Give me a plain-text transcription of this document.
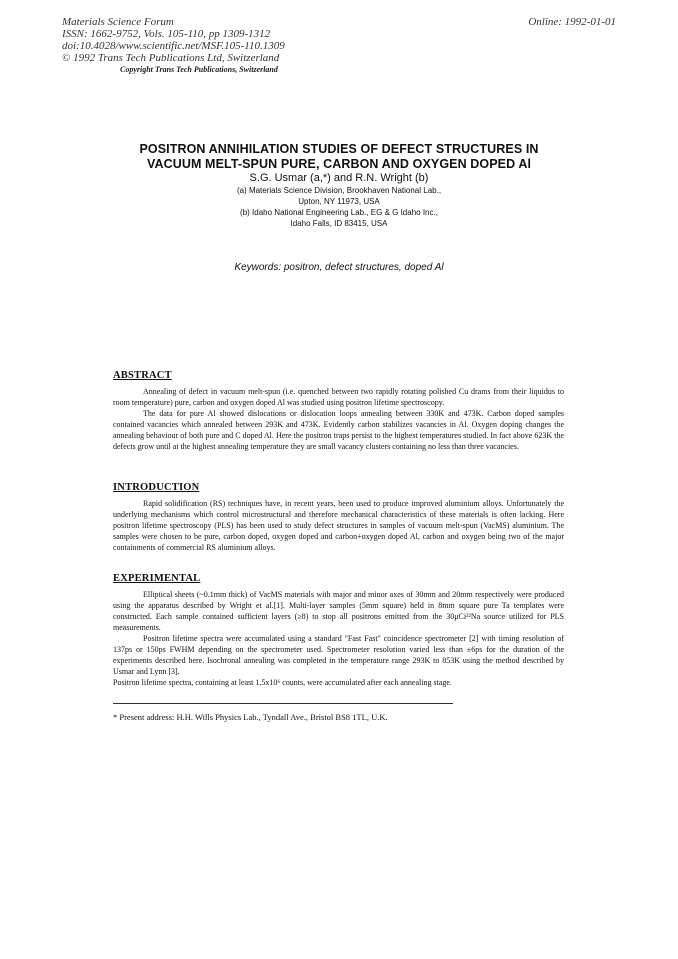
Materials Science Forum
ISSN: 1662-9752, Vols. 105-110, pp 1309-1312
doi:10.4028/www.scientific.net/MSF.105-110.1309
© 1992 Trans Tech Publications Ltd, Switzerland
Online: 1992-01-01
Copyright Trans Tech Publications, Switzerland
POSITRON ANNIHILATION STUDIES OF DEFECT STRUCTURES IN
VACUUM MELT-SPUN PURE, CARBON AND OXYGEN DOPED Al
S.G. Usmar (a,*) and R.N. Wright (b)
(a) Materials Science Division, Brookhaven National Lab.,
Upton, NY 11973, USA
(b) Idaho National Engineering Lab., EG & G Idaho Inc.,
Idaho Falls, ID 83415, USA
Keywords: positron, defect structures, doped Al
ABSTRACT

Annealing of defect in vacuum melt-spun (i.e. quenched between two rapidly rotating polished Cu drams from their liquidus to room temperature) pure, carbon and oxygen doped Al was studied using positron lifetime spectroscopy.

The data for pure Al showed dislocations or dislocation loops annealing between 330K and 473K. Carbon doped samples contained vacancies which annealed between 293K and 473K. Evidently carbon stabilizes vacancies in Al. Oxygen doping changes the annealing behaviour of both pure and C doped Al. Here the positron traps persist to the highest temperatures studied. In fact above 623K the defects grow until at the highest annealing temperature they are small vacancy clusters containing no less than three vacancies.

INTRODUCTION

Rapid solidification (RS) techniques have, in recent years, been used to produce improved aluminium alloys. Unfortunately the underlying mechanisms which control microstructural and therefore mechanical characteristics of these materials is often lacking. Here positron lifetime spectroscopy (PLS) has been used to study defect structures in samples of vacuum melt-spun (VacMS) aluminium. The samples were chosen to be pure, carbon doped, oxygen doped and carbon+oxygen doped Al, carbon and oxygen being two of the major containments of commercial RS aluminium alloys.

EXPERIMENTAL

Elliptical sheets (~0.1mm thick) of VacMS materials with major and minor axes of 30mm and 20mm respectively were produced using the apparatus described by Wright et al.[1]. Multi-layer samples (5mm square) held in 8mm square pure Ta templates were constructed. Each sample contained sufficient layers (≥8) to stop all positrons emitted from the 30μCi²²Na source utilized for PLS measurements.

Positron lifetime spectra were accumulated using a standard "Fast Fast" coincidence spectrometer [2] with timing resolution of 137ps or 150ps FWHM depending on the spectrometer used. Spectrometer resolution varied less than ±6ps for the duration of the experiments described here. Isochronal annealing was completed in the temperature range 293K to 853K using the method described by Usmar and Lynn [3].

Positron lifetime spectra, containing at least 1.5x10⁶ counts, were accumulated after each annealing stage.

* Present address: H.H. Wills Physics Lab., Tyndall Ave., Bristol BS8 1TL, U.K.
